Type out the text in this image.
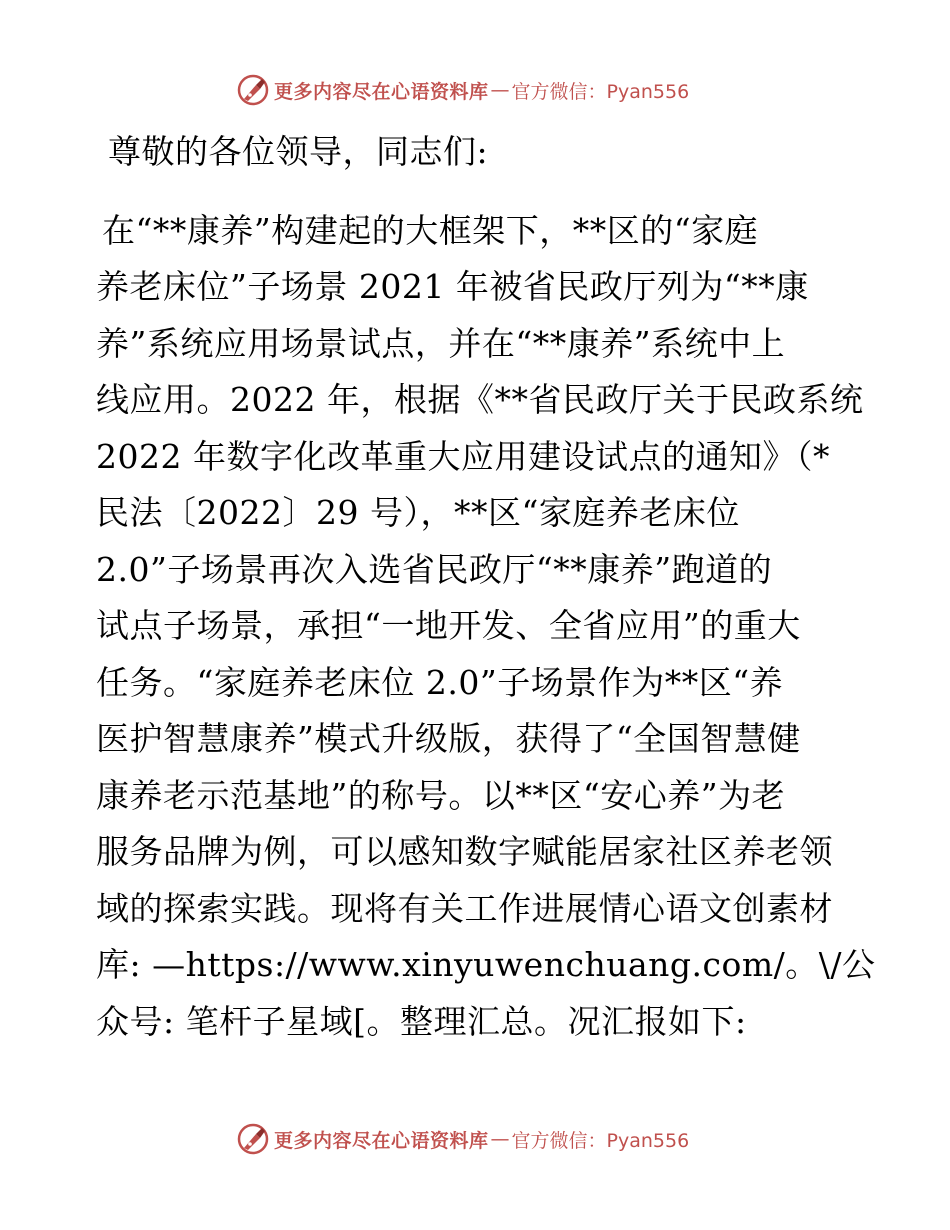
更多内容尽在心语资料库 — 官方微信：Pyan556
尊敬的各位领导，同志们:
在“**康养”构建起的大框架下，**区的“家庭
养老床位”子场景 2021 年被省民政厅列为“**康
养”系统应用场景试点，并在“**康养”系统中上
线应用。2022 年，根据《**省民政厅关于民政系统
2022 年数字化改革重大应用建设试点的通知》（*
民法〔2022〕29 号），**区“家庭养老床位
2.0”子场景再次入选省民政厅“**康养”跑道的
试点子场景，承担“一地开发、全省应用”的重大
任务。“家庭养老床位 2.0”子场景作为**区“养
医护智慧康养”模式升级版，获得了“全国智慧健
康养老示范基地”的称号。以**区“安心养”为老
服务品牌为例，可以感知数字赋能居家社区养老领
域的探索实践。现将有关工作进展情心语文创素材
库: —https://www.xinyuwenchuang.com/。\/公
众号: 笔杆子星域[。整理汇总。况汇报如下:
更多内容尽在心语资料库 — 官方微信：Pyan556
